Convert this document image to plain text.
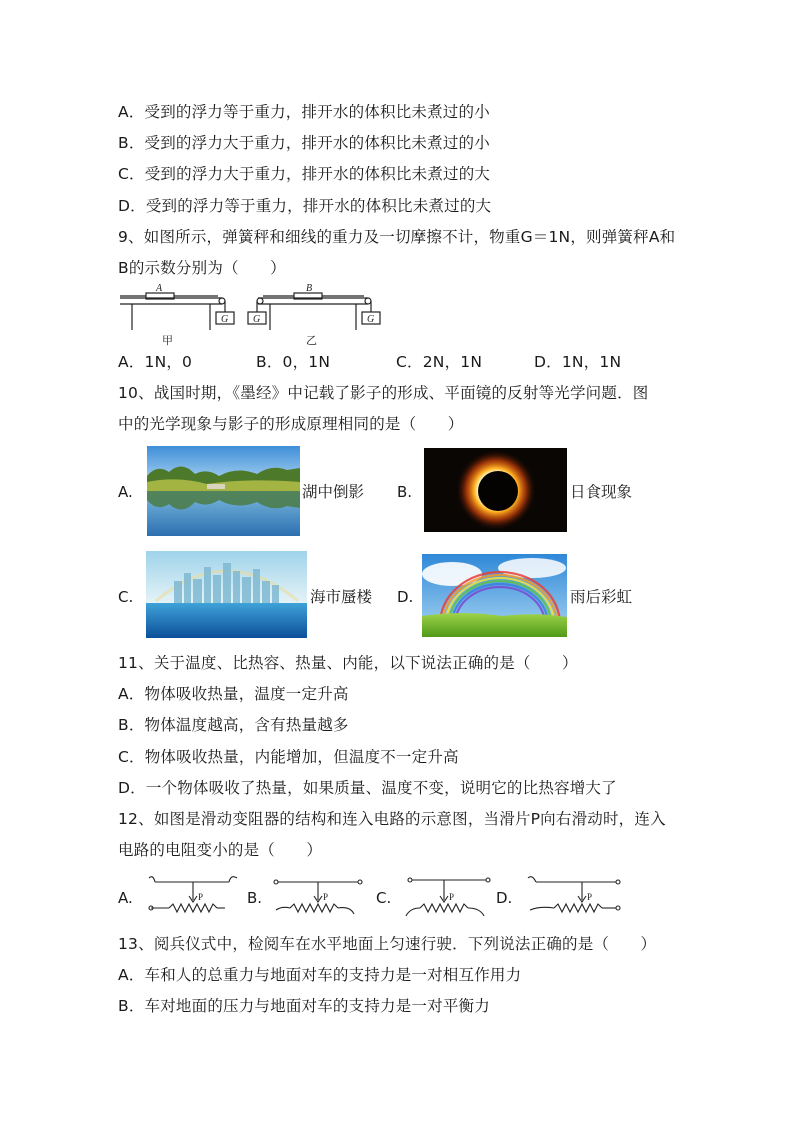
A．受到的浮力等于重力，排开水的体积比未煮过的小
B．受到的浮力大于重力，排开水的体积比未煮过的小
C．受到的浮力大于重力，排开水的体积比未煮过的大
D．受到的浮力等于重力，排开水的体积比未煮过的大
9、如图所示，弹簧秤和细线的重力及一切摩擦不计，物重G＝1N，则弹簧秤A和
B的示数分别为（　　）
A
G
甲
B
G	G
乙
A．1N，0	B．0，1N	C．2N，1N	D．1N，1N
10、战国时期，《墨经》中记载了影子的形成、平面镜的反射等光学问题．图
中的光学现象与影子的形成原理相同的是（　　）
A.	湖中倒影 B.	日食现象
C.	海市蜃楼 D.	雨后彩虹
11、关于温度、比热容、热量、内能，以下说法正确的是（　　）
A．物体吸收热量，温度一定升高
B．物体温度越高，含有热量越多
C．物体吸收热量，内能增加，但温度不一定升高
D．一个物体吸收了热量，如果质量、温度不变，说明它的比热容增大了
12、如图是滑动变阻器的结构和连入电路的示意图，当滑片P向右滑动时，连入
电路的电阻变小的是（　　）
A.	P	B.	P	C.	P	D.	P
13、阅兵仪式中，检阅车在水平地面上匀速行驶．下列说法正确的是（　　）
A．车和人的总重力与地面对车的支持力是一对相互作用力
B．车对地面的压力与地面对车的支持力是一对平衡力
